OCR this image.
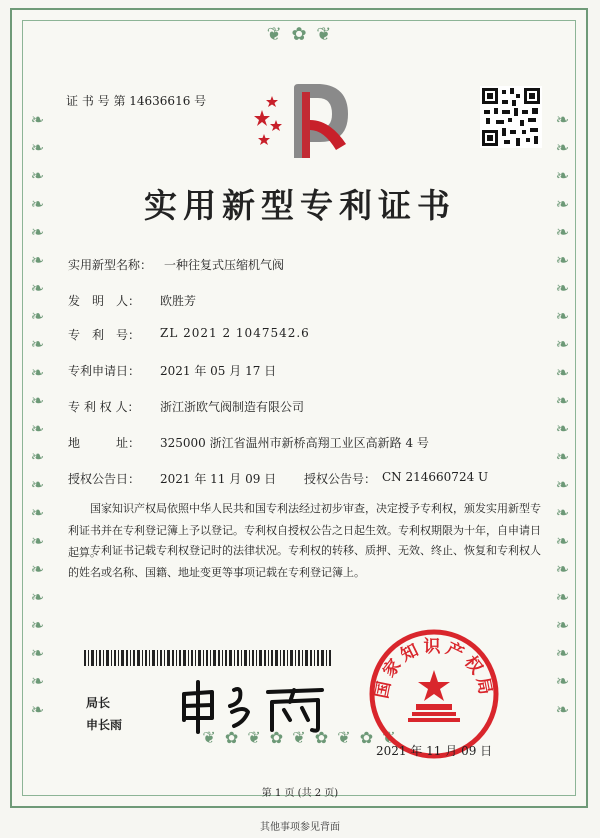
❦ ✿ ❦
❦ ✿ ❦ ✿ ❦ ✿ ❦ ✿ ❦
❧ ❧ ❧ ❧ ❧ ❧ ❧ ❧ ❧ ❧ ❧ ❧ ❧ ❧ ❧ ❧ ❧ ❧ ❧ ❧ ❧ ❧	❧ ❧ ❧ ❧ ❧ ❧ ❧ ❧ ❧ ❧ ❧ ❧ ❧ ❧ ❧ ❧ ❧ ❧ ❧ ❧ ❧ ❧
证 书 号 第 14636616 号
实用新型专利证书
实用新型名称： 一种往复式压缩机气阀
发　明　人： 欧胜芳
专　利　号： ZL 2021 2 1047542.6
专利申请日： 2021 年 05 月 17 日
专 利 权 人： 浙江浙欧气阀制造有限公司
地　　　址： 325000 浙江省温州市新桥高翔工业区高新路 4 号
授权公告日： 2021 年 11 月 09 日 授权公告号： CN 214660724 U
国家知识产权局依照中华人民共和国专利法经过初步审查，决定授予专利权，颁发实用新型专利证书并在专利登记簿上予以登记。专利权自授权公告之日起生效。专利权期限为十年，自申请日起算。
专利证书记载专利权登记时的法律状况。专利权的转移、质押、无效、终止、恢复和专利权人的姓名或名称、国籍、地址变更等事项记载在专利登记簿上。
局长
申长雨
国家知识产权局
2021 年 11 月 09 日
第 1 页 (共 2 页)
其他事项参见背面
